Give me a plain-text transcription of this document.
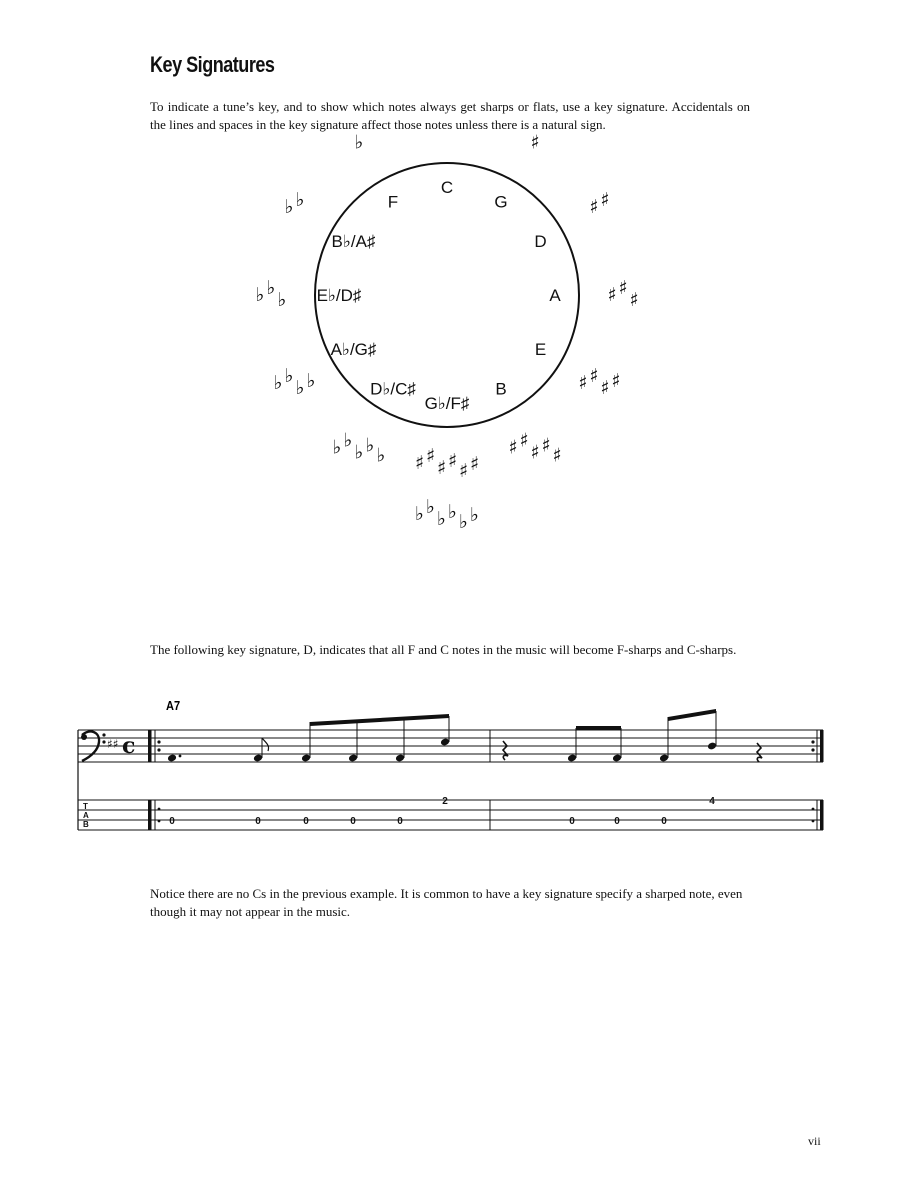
Key Signatures

To indicate a tune’s key, and to show which notes always get sharps or flats, use a key signature. Accidentals on the lines and spaces in the key signature affect those notes unless there is a natural sign.

C
G
D
A
E
B
G♭/F♯
D♭/C♯
A♭/G♯
E♭/D♯
B♭/A♯
F
♯
♯ ♯
♯ ♯
♯
♯ ♯
♯ ♯
♯ ♯
♯ ♯ ♯
♯ ♯
♯ ♯ ♯ ♯
♭ ♭
♭ ♭ ♭
♭ ♭
♭ ♭
♭ ♭
♭
♭ ♭
♭
♭ ♭
♭ ♭ ♭ ♭

The following key signature, D, indicates that all F and C notes in the music will become F-sharps and C-sharps.

A7
♯♯ c
T
A
B	0	0	0	0	0
2
0	0	0
4

Notice there are no Cs in the previous example. It is common to have a key signature specify a sharped note, even though it may not appear in the music.

vii
